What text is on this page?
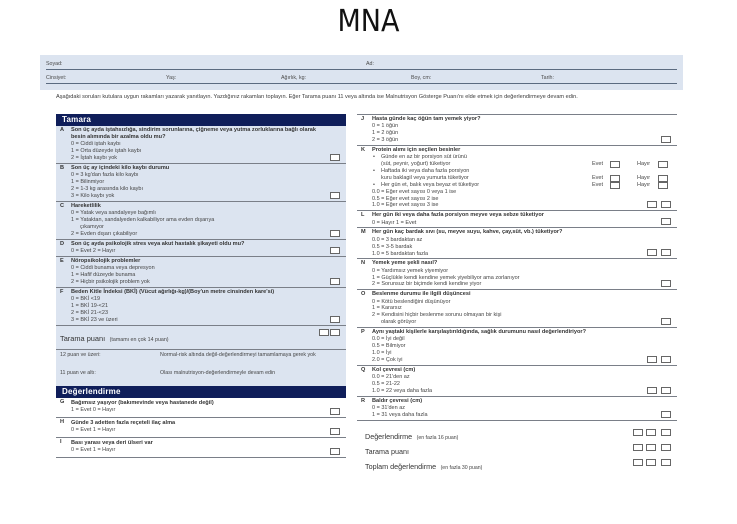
MNA
Soyad:	Ad:
Cinsiyet:	Yaş:	Ağırlık, kg:	Boy, cm:	Tarih:
Aşağıdaki soruları kutulara uygun rakamları yazarak yanıtlayın. Yazdığınız rakamları toplayın. Eğer Tarama puanı 11 veya altında ise Malnutrisyon Gösterge Puanı'nı elde etmek için değerlendirmeye devam edin.
Tamara
A Son üç ayda iştahsızlığa, sindirim sorunlarına, çiğneme veya yutma zorluklarına bağlı olarak besin alımında bir azalma oldu mu?
0 = Ciddi iştah kaybı
1 = Orta düzeyde iştah kaybı
2 = İştah kaybı yok
B Son üç ay içindeki kilo kaybı durumu
0 = 3 kg'dan fazla kilo kaybı
1 = Bilinmiyor
2 = 1-3 kg arasında kilo kaybı
3 = Kilo kaybı yok
C Hareketlilik
0 = Yatak veya sandalyeye bağımlı
1 = Yataktan, sandalyeden kalkabiliyor ama evden dışarıya
çıkamıyor
2 = Evden dışarı çıkabiliyor
D Son üç ayda psikolojik stres veya akut hastalık şikayeti oldu mu?
0 = Evet 2 = Hayır
E Nöropsikolojik problemler
0 = Ciddi bunama veya depresyon
1 = Hafif düzeyde bunama
2 = Hiçbir psikolojik problem yok
F Beden Kitle İndeksi (BKİ) (Vücut ağırlığı-kg)/(Boy'un metre cinsinden kare'si)
0 = BKİ <19
1 = BKİ 19-<21
2 = BKİ 21-<23
3 = BKİ 23 ve üzeri
Tarama puanı (tamamı en çok 14 puan)
12 puan ve üzeri:	Normal-risk altında değil-değerlendirmeyi tamamlamaya gerek yok
11 puan ve altı:	Olası malnutrisyon-değerlendirmeyle devam edin
Değerlendirme
G Bağımsız yaşıyor (bakımevinde veya hastanede değil)
1 = Evet 0 = Hayır
H Günde 3 adetten fazla reçeteli ilaç alma
0 = Evet 1 = Hayır
I Bası yarası veya deri ülseri var
0 = Evet 1 = Hayır
J Hasta günde kaç öğün tam yemek yiyor?
0 = 1 öğün
1 = 2 öğün
2 = 3 öğün
K Protein alımı için seçilen besinler
• Günde en az bir porsiyon süt ürünü
(süt, peynir, yoğurt) tüketiyor	Evet	Hayır
• Haftada iki veya daha fazla porsiyon
kuru baklagil veya yumurta tüketiyor	Evet	Hayır
• Her gün et, balık veya beyaz et tüketiyor	Evet	Hayır
0.0 = Eğer evet sayısı 0 veya 1 ise
0.5 = Eğer evet sayısı 2 ise
1.0 = Eğer evet sayısı 3 ise
L Her gün iki veya daha fazla porsiyon meyve veya sebze tüketiyor
0 = Hayır 1 = Evet
M Her gün kaç bardak sıvı (su, meyve suyu, kahve, çay,süt, vb.) tüketiyor?
0.0 = 3 bardaktan az
0.5 = 3-5 bardak
1.0 = 5 bardaktan fazla
N Yemek yeme şekli nasıl?
0 = Yardımsız yemek yiyemiyor
1 = Güçlükle kendi kendine yemek yiyebiliyor ama zorlanıyor
2 = Sorunsuz bir biçimde kendi kendine yiyor
O Beslenme durumu ile ilgili düşüncesi
0 = Kötü beslendiğini düşünüyor
1 = Kararsız
2 = Kendisini hiçbir beslenme sorunu olmayan bir kişi
olarak görüyor
P Aynı yaştaki kişilerle karşılaştırıldığında, sağlık durumunu nasıl değerlendiriyor?
0.0 = İyi değil
0.5 = Bilmiyor
1.0 = İyi
2.0 = Çok iyi
Q Kol çevresi (cm)
0.0 = 21'den az
0.5 = 21-22
1.0 = 22 veya daha fazla
R Baldır çevresi (cm)
0 = 31'den az
1 = 31 veya daha fazla
Değerlendirme (en fazla 16 puan)
Tarama puanı
Toplam değerlendirme (en fazla 30 puan)
